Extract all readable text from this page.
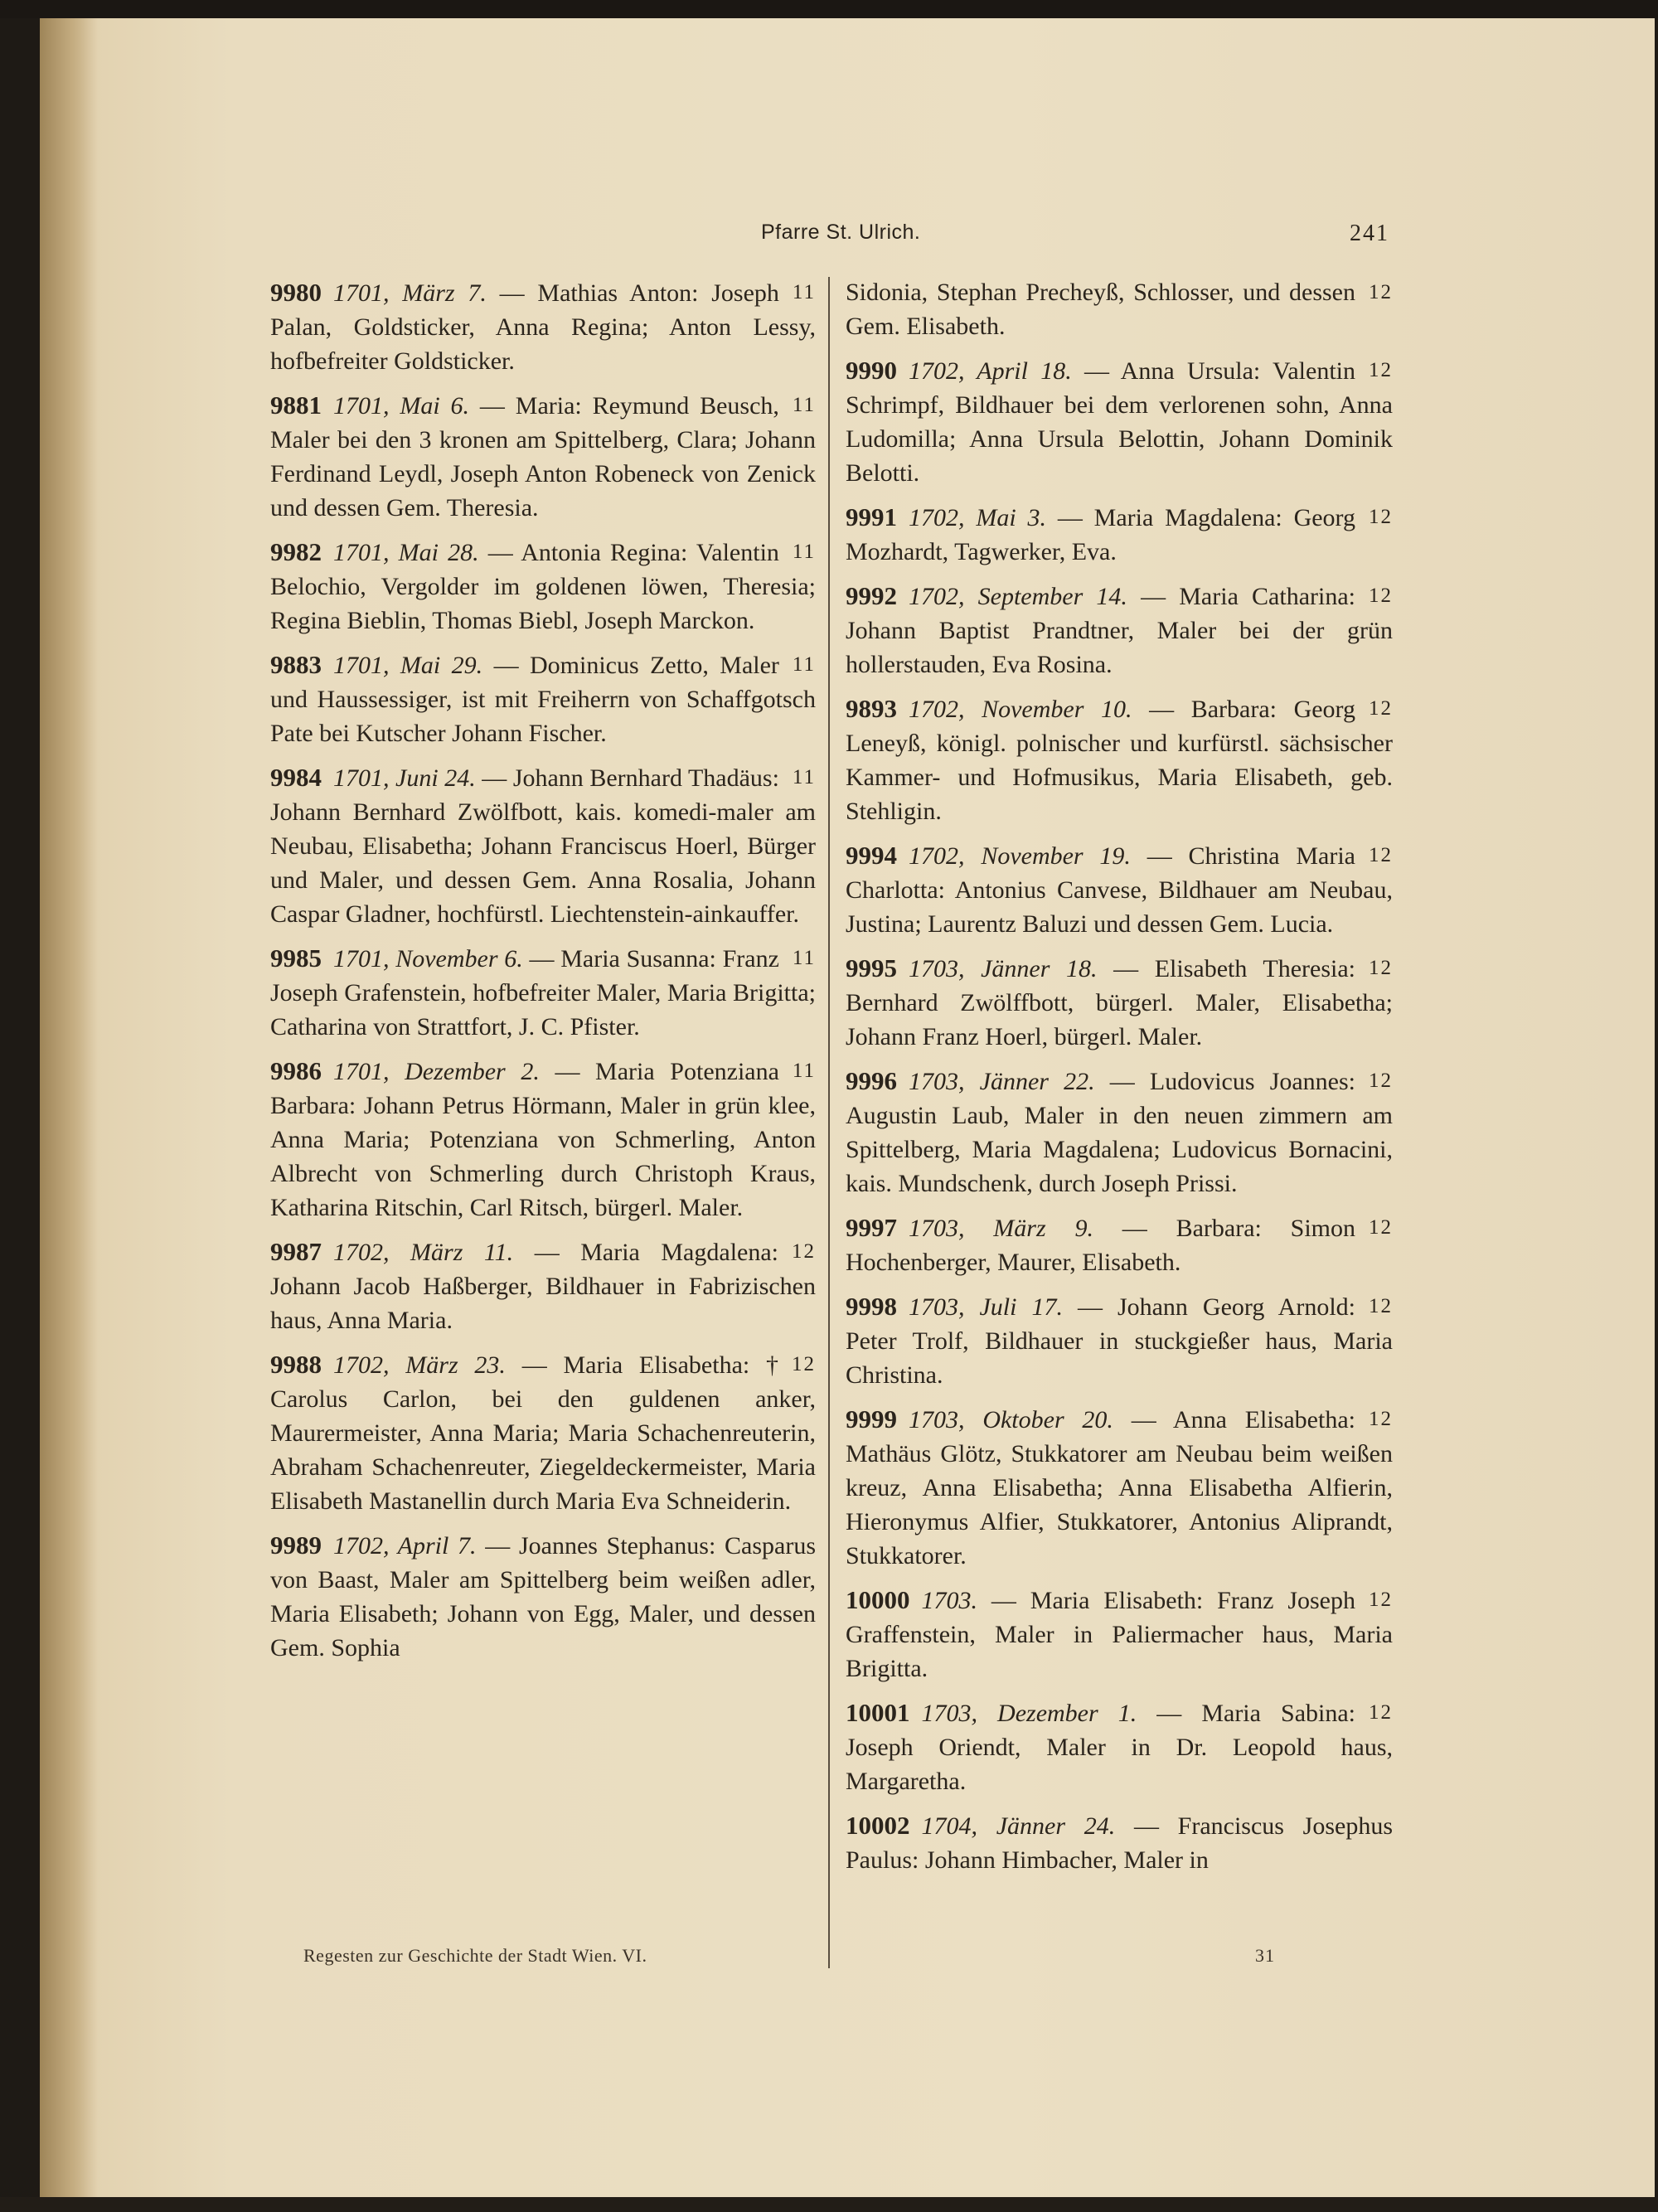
Pfarre St. Ulrich.	241
11
9980 1701, März 7. — Mathias Anton: Joseph Palan, Goldsticker, Anna Regina; Anton Lessy, hofbefreiter Goldsticker.
11
9881 1701, Mai 6. — Maria: Reymund Beusch, Maler bei den 3 kronen am Spittelberg, Clara; Johann Ferdinand Leydl, Joseph Anton Robeneck von Zenick und dessen Gem. Theresia.
11
9982 1701, Mai 28. — Antonia Regina: Valentin Belochio, Vergolder im goldenen löwen, Theresia; Regina Bieblin, Thomas Biebl, Joseph Marckon.
11
9883 1701, Mai 29. — Dominicus Zetto, Maler und Haussessiger, ist mit Freiherrn von Schaffgotsch Pate bei Kutscher Johann Fischer.
11
9984 1701, Juni 24. — Johann Bernhard Thadäus: Johann Bernhard Zwölfbott, kais. komedi-maler am Neubau, Elisabetha; Johann Franciscus Hoerl, Bürger und Maler, und dessen Gem. Anna Rosalia, Johann Caspar Gladner, hochfürstl. Liechtenstein-ainkauffer.
11
9985 1701, November 6. — Maria Susanna: Franz Joseph Grafenstein, hofbefreiter Maler, Maria Brigitta; Catharina von Strattfort, J. C. Pfister.
11
9986 1701, Dezember 2. — Maria Potenziana Barbara: Johann Petrus Hörmann, Maler in grün klee, Anna Maria; Potenziana von Schmerling, Anton Albrecht von Schmerling durch Christoph Kraus, Katharina Ritschin, Carl Ritsch, bürgerl. Maler.
12
9987 1702, März 11. — Maria Magdalena: Johann Jacob Haßberger, Bildhauer in Fabrizischen haus, Anna Maria.
12
9988 1702, März 23. — Maria Elisabetha: † Carolus Carlon, bei den guldenen anker, Maurermeister, Anna Maria; Maria Schachenreuterin, Abraham Schachenreuter, Ziegeldeckermeister, Maria Elisabeth Mastanellin durch Maria Eva Schneiderin.
9989 1702, April 7. — Joannes Stephanus: Casparus von Baast, Maler am Spittelberg beim weißen adler, Maria Elisabeth; Johann von Egg, Maler, und dessen Gem. Sophia
12
Sidonia, Stephan Precheyß, Schlosser, und dessen Gem. Elisabeth.
12
9990 1702, April 18. — Anna Ursula: Valentin Schrimpf, Bildhauer bei dem verlorenen sohn, Anna Ludomilla; Anna Ursula Belottin, Johann Dominik Belotti.
12
9991 1702, Mai 3. — Maria Magdalena: Georg Mozhardt, Tagwerker, Eva.
12
9992 1702, September 14. — Maria Catharina: Johann Baptist Prandtner, Maler bei der grün hollerstauden, Eva Rosina.
12
9893 1702, November 10. — Barbara: Georg Leneyß, königl. polnischer und kurfürstl. sächsischer Kammer- und Hofmusikus, Maria Elisabeth, geb. Stehligin.
12
9994 1702, November 19. — Christina Maria Charlotta: Antonius Canvese, Bildhauer am Neubau, Justina; Laurentz Baluzi und dessen Gem. Lucia.
12
9995 1703, Jänner 18. — Elisabeth Theresia: Bernhard Zwölffbott, bürgerl. Maler, Elisabetha; Johann Franz Hoerl, bürgerl. Maler.
12
9996 1703, Jänner 22. — Ludovicus Joannes: Augustin Laub, Maler in den neuen zimmern am Spittelberg, Maria Magdalena; Ludovicus Bornacini, kais. Mundschenk, durch Joseph Prissi.
12
9997 1703, März 9. — Barbara: Simon Hochenberger, Maurer, Elisabeth.
12
9998 1703, Juli 17. — Johann Georg Arnold: Peter Trolf, Bildhauer in stuckgießer haus, Maria Christina.
12
9999 1703, Oktober 20. — Anna Elisabetha: Mathäus Glötz, Stukkatorer am Neubau beim weißen kreuz, Anna Elisabetha; Anna Elisabetha Alfierin, Hieronymus Alfier, Stukkatorer, Antonius Aliprandt, Stukkatorer.
12
10000 1703. — Maria Elisabeth: Franz Joseph Graffenstein, Maler in Paliermacher haus, Maria Brigitta.
12
10001 1703, Dezember 1. — Maria Sabina: Joseph Oriendt, Maler in Dr. Leopold haus, Margaretha.
10002 1704, Jänner 24. — Franciscus Josephus Paulus: Johann Himbacher, Maler in
Regesten zur Geschichte der Stadt Wien. VI.	31
